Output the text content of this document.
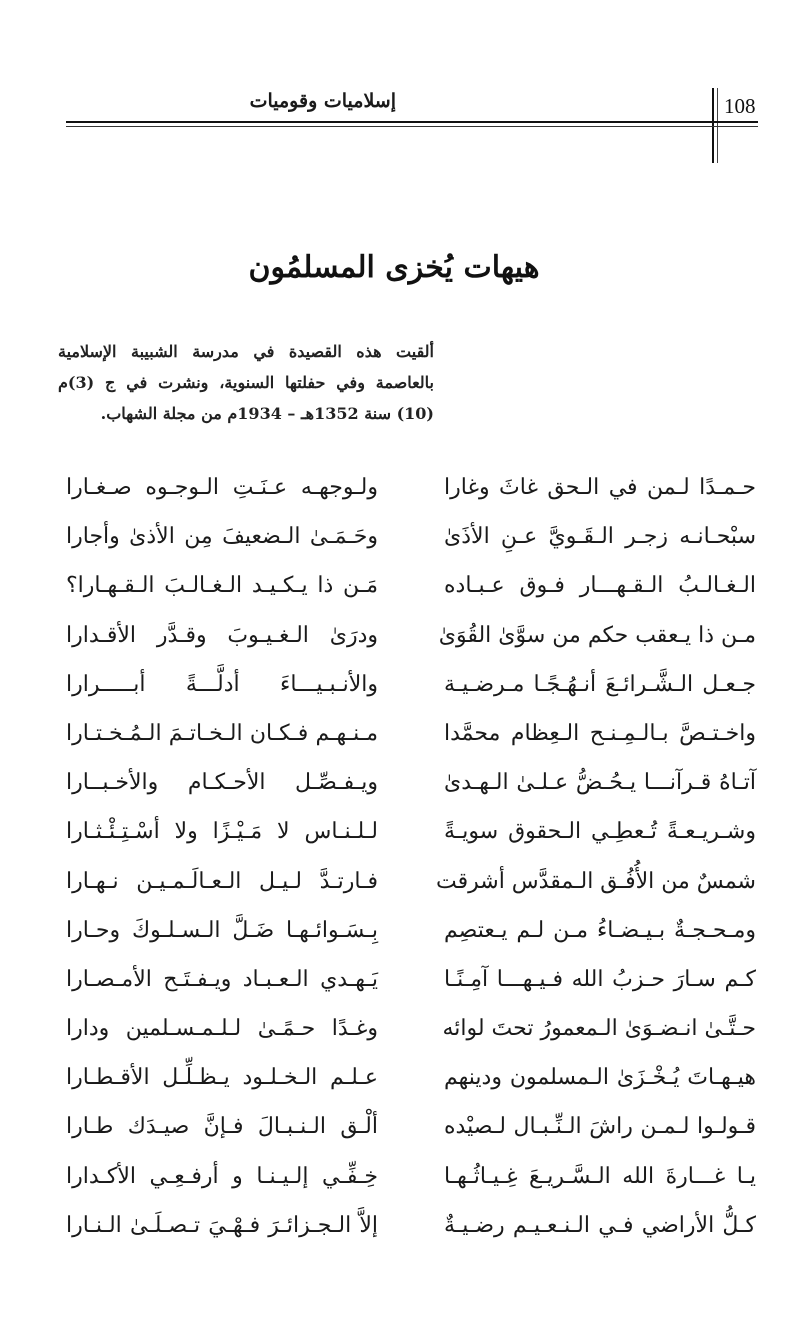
إسلاميات وقوميات	108
هيهات يُخزى المسلمُون
ألقيت هذه القصيدة في مدرسة الشبيبة الإسلامية
بالعاصمة وفي حفلتها السنوية، ونشرت في ج (3)م
(10) سنة 1352هـ – 1934م من مجلة الشهاب.
حـمـدًا لـمن في الـحق غاثَ وغارا
ولـوجهـه عـنَـتِ الـوجـوه صـغـارا
سبْحـانـه زجـر الـقَـويَّ عـنِ الأذَىٰ
وحَـمَـىٰ الـضعيفَ مِن الأذىٰ وأجارا
الـغـالـبُ الـقـهـــار فـوق عـبـاده
مَـن ذا يـكـيـد الـغـالـبَ الـقـهـارا؟
مـن ذا يـعقب حكم من سوَّىٰ القُوَىٰ
ودرَىٰ الـغـيـوبَ وقـدَّر الأقـدارا
جـعـل الـشَّـرائـعَ أنـهُـجًـا مـرضـيـة
والأنـبـيـــاءَ أدلَّـــةً أبـــــرارا
واخـتـصَّ بـالـمِـنـح الـعِظام محمَّدا
مـنـهـم فـكـان الـخـاتـمَ الـمُـخـتـارا
آتـاهُ قـرآنـــا يـحُـضُّ عـلـىٰ الـهـدىٰ
ويـفـصِّـل الأحـكـام والأخـبــارا
وشـريـعـةً تُـعطِـي الـحقوق سويـةً
لـلـنـاس لا مَـيْـزًا ولا أسْـتِـئْـثـارا
شمسٌ من الأُفُـق الـمقدَّس أشرقت
فـارتـدَّ لـيـل الـعـالَـمـيـن نـهـارا
ومـحـجـةٌ بـيـضـاءُ مـن لـم يـعتصِم
بِـسَـوائـهـا ضَـلَّ الـسـلـوكَ وحـارا
كـم سـارَ حـزبُ الله فـيـهـــا آمِـنًـا
يَـهـدي الـعـبـاد ويـفـتَـح الأمـصـارا
حـتَّـىٰ انـضـوَىٰ الـمعمورُ تحتَ لوائه
وغـدًا حـمًـىٰ لـلـمـسـلمين ودارا
هيـهـاتَ يُـخْـزَىٰ الـمسلمون ودينهم
عـلـم الـخـلـود يـظـلِّـل الأقـطـارا
قـولـوا لـمـن راشَ الـنِّـبـال لـصيْده
ألْـق الـنـبـالَ فـإنَّ صيـدَك طـارا
يـا غـــارةَ الله الـسَّـريـعَ غِـيـاثُـهـا
خِـفِّـي إلـيـنـا و أرفـعِـي الأكـدارا
كـلُّ الأراضي فـي الـنـعـيـم رضـيـةٌ
إلاَّ الـجـزائـرَ فـهْـيَ تـصـلَـىٰ الـنـارا
